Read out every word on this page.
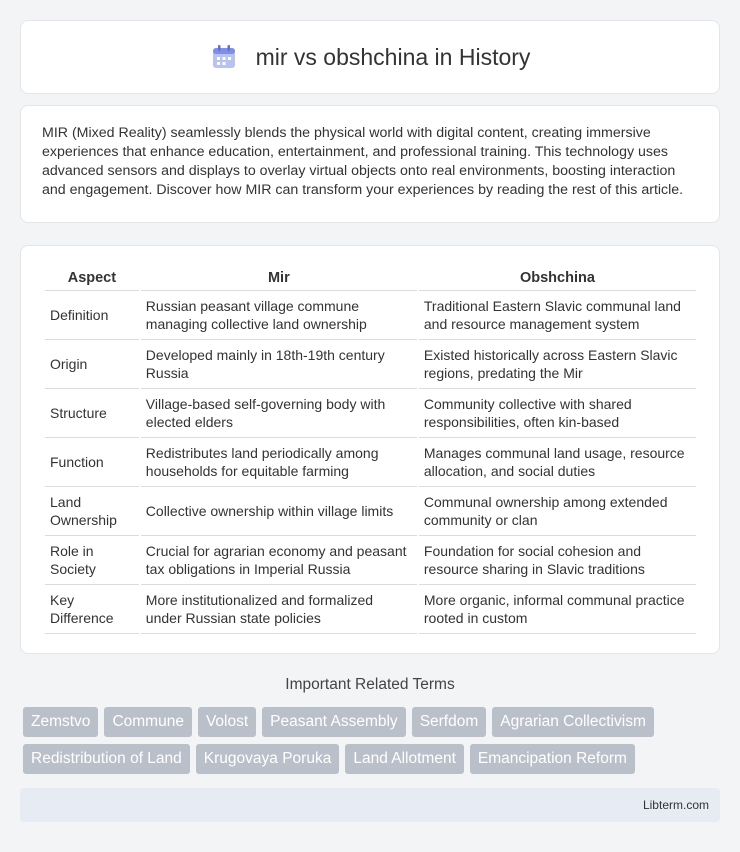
mir vs obshchina in History

MIR (Mixed Reality) seamlessly blends the physical world with digital content, creating immersive experiences that enhance education, entertainment, and professional training. This technology uses advanced sensors and displays to overlay virtual objects onto real environments, boosting interaction and engagement. Discover how MIR can transform your experiences by reading the rest of this article.

Aspect	Mir	Obshchina
Definition	Russian peasant village commune managing collective land ownership	Traditional Eastern Slavic communal land and resource management system
Origin	Developed mainly in 18th-19th century Russia	Existed historically across Eastern Slavic regions, predating the Mir
Structure	Village-based self-governing body with elected elders	Community collective with shared responsibilities, often kin-based
Function	Redistributes land periodically among households for equitable farming	Manages communal land usage, resource allocation, and social duties
Land Ownership	Collective ownership within village limits	Communal ownership among extended community or clan
Role in Society	Crucial for agrarian economy and peasant tax obligations in Imperial Russia	Foundation for social cohesion and resource sharing in Slavic traditions
Key Difference	More institutionalized and formalized under Russian state policies	More organic, informal communal practice rooted in custom
Important Related Terms
Zemstvo	Commune	Volost	Peasant Assembly	Serfdom	Agrarian Collectivism
Redistribution of Land	Krugovaya Poruka	Land Allotment	Emancipation Reform
Libterm.com
